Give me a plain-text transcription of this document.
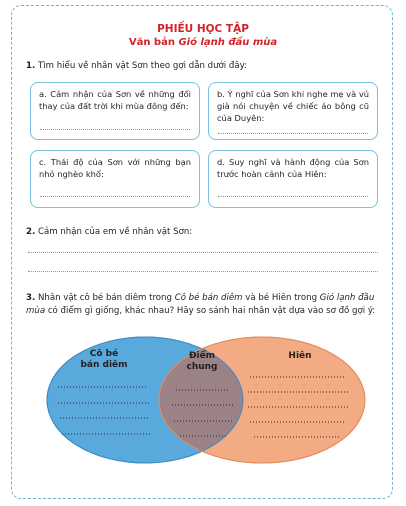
PHIẾU HỌC TẬP
Văn bản Gió lạnh đầu mùa
1. Tìm hiểu về nhân vật Sơn theo gợi dẫn dưới đây:
a. Cảm nhận của Sơn về những đổi thay của đất trời khi mùa đông đến:
b. Ý nghĩ của Sơn khi nghe mẹ và vú già nói chuyện về chiếc áo bông cũ của Duyên:
c. Thái độ của Sơn với những bạn nhỏ nghèo khổ:
d. Suy nghĩ và hành động của Sơn trước hoàn cảnh của Hiên:
2. Cảm nhận của em về nhân vật Sơn:
3. Nhân vật cô bé bán diêm trong Cô bé bán diêm và bé Hiên trong Gió lạnh đầu mùa có điểm gì giống, khác nhau? Hãy so sánh hai nhân vật dựa vào sơ đồ gợi ý:
Cô bé
bán diêm
Điểm
chung
Hiên
